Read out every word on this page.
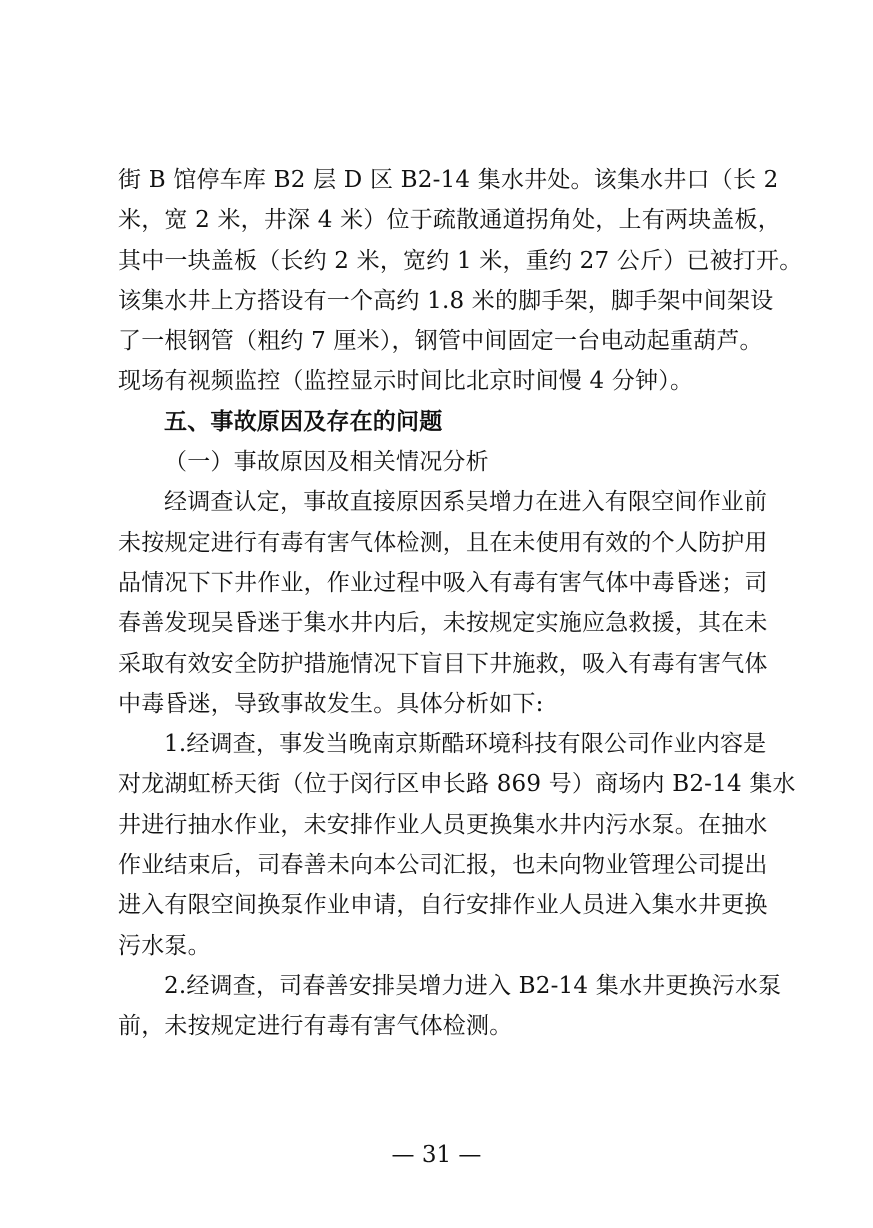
街 B 馆停车库 B2 层 D 区 B2-14 集水井处。该集水井口（长 2
米，宽 2 米，井深 4 米）位于疏散通道拐角处，上有两块盖板，
其中一块盖板（长约 2 米，宽约 1 米，重约 27 公斤）已被打开。
该集水井上方搭设有一个高约 1.8 米的脚手架，脚手架中间架设
了一根钢管（粗约 7 厘米），钢管中间固定一台电动起重葫芦。
现场有视频监控（监控显示时间比北京时间慢 4 分钟）。
五、事故原因及存在的问题
（一）事故原因及相关情况分析
经调查认定，事故直接原因系吴增力在进入有限空间作业前
未按规定进行有毒有害气体检测，且在未使用有效的个人防护用
品情况下下井作业，作业过程中吸入有毒有害气体中毒昏迷；司
春善发现吴昏迷于集水井内后，未按规定实施应急救援，其在未
采取有效安全防护措施情况下盲目下井施救，吸入有毒有害气体
中毒昏迷，导致事故发生。具体分析如下:
1.经调查，事发当晚南京斯酷环境科技有限公司作业内容是
对龙湖虹桥天街（位于闵行区申长路 869 号）商场内 B2-14 集水
井进行抽水作业，未安排作业人员更换集水井内污水泵。在抽水
作业结束后，司春善未向本公司汇报，也未向物业管理公司提出
进入有限空间换泵作业申请，自行安排作业人员进入集水井更换
污水泵。
2.经调查，司春善安排吴增力进入 B2-14 集水井更换污水泵
前，未按规定进行有毒有害气体检测。
— 31 —
